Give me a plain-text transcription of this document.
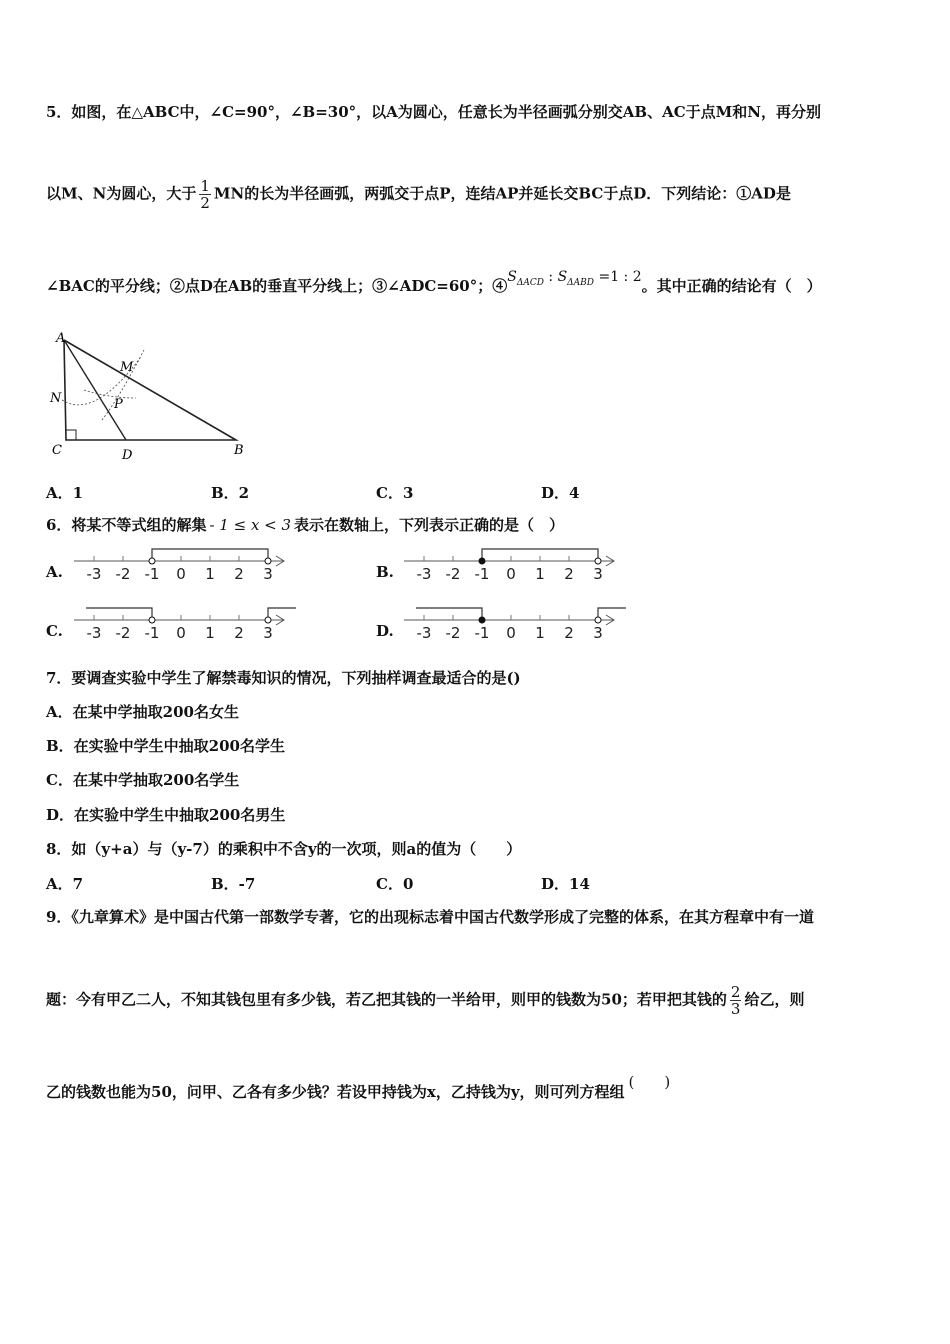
5．如图，在△ABC中，∠C=90°，∠B=30°，以A为圆心，任意长为半径画弧分别交AB、AC于点M和N，再分别
以M、N为圆心，大于 $\frac{1}{2}$ MN的长为半径画弧，两弧交于点P，连结AP并延长交BC于点D．下列结论：①AD是
∠BAC的平分线；②点D在AB的垂直平分线上；③∠ADC=60°；$④S_{\Delta ACD}$ : $S_{\Delta ABD} =1$ : 2。其中正确的结论有（　）
A
M
N	P
C	D	B
A．1	B．2	C．3	D．4
6．将某不等式组的解集 - 1 ≤ x < 3 表示在数轴上，下列表示正确的是（　）
A.	B.
C.	D.
-3 -2 -1 0 1 2 3	-3 -2 -1 0 1 2 3
-3 -2 -1 0 1 2 3	-3 -2 -1 0 1 2 3
7．要调查实验中学生了解禁毒知识的情况，下列抽样调查最适合的是()
A．在某中学抽取200名女生
B．在实验中学生中抽取200名学生
C．在某中学抽取200名学生
D．在实验中学生中抽取200名男生
8．如（y+a）与（y-7）的乘积中不含y的一次项，则a的值为（　　）
A．7	B．-7	C．0	D．14
9．《九章算术》是中国古代第一部数学专著，它的出现标志着中国古代数学形成了完整的体系，在其方程章中有一道
题：今有甲乙二人，不知其钱包里有多少钱，若乙把其钱的一半给甲，则甲的钱数为50；若甲把其钱的 $\frac{2}{3}$ 给乙，则
乙的钱数也能为50，问甲、乙各有多少钱？若设甲持钱为x，乙持钱为y，则可列方程组(　　)
